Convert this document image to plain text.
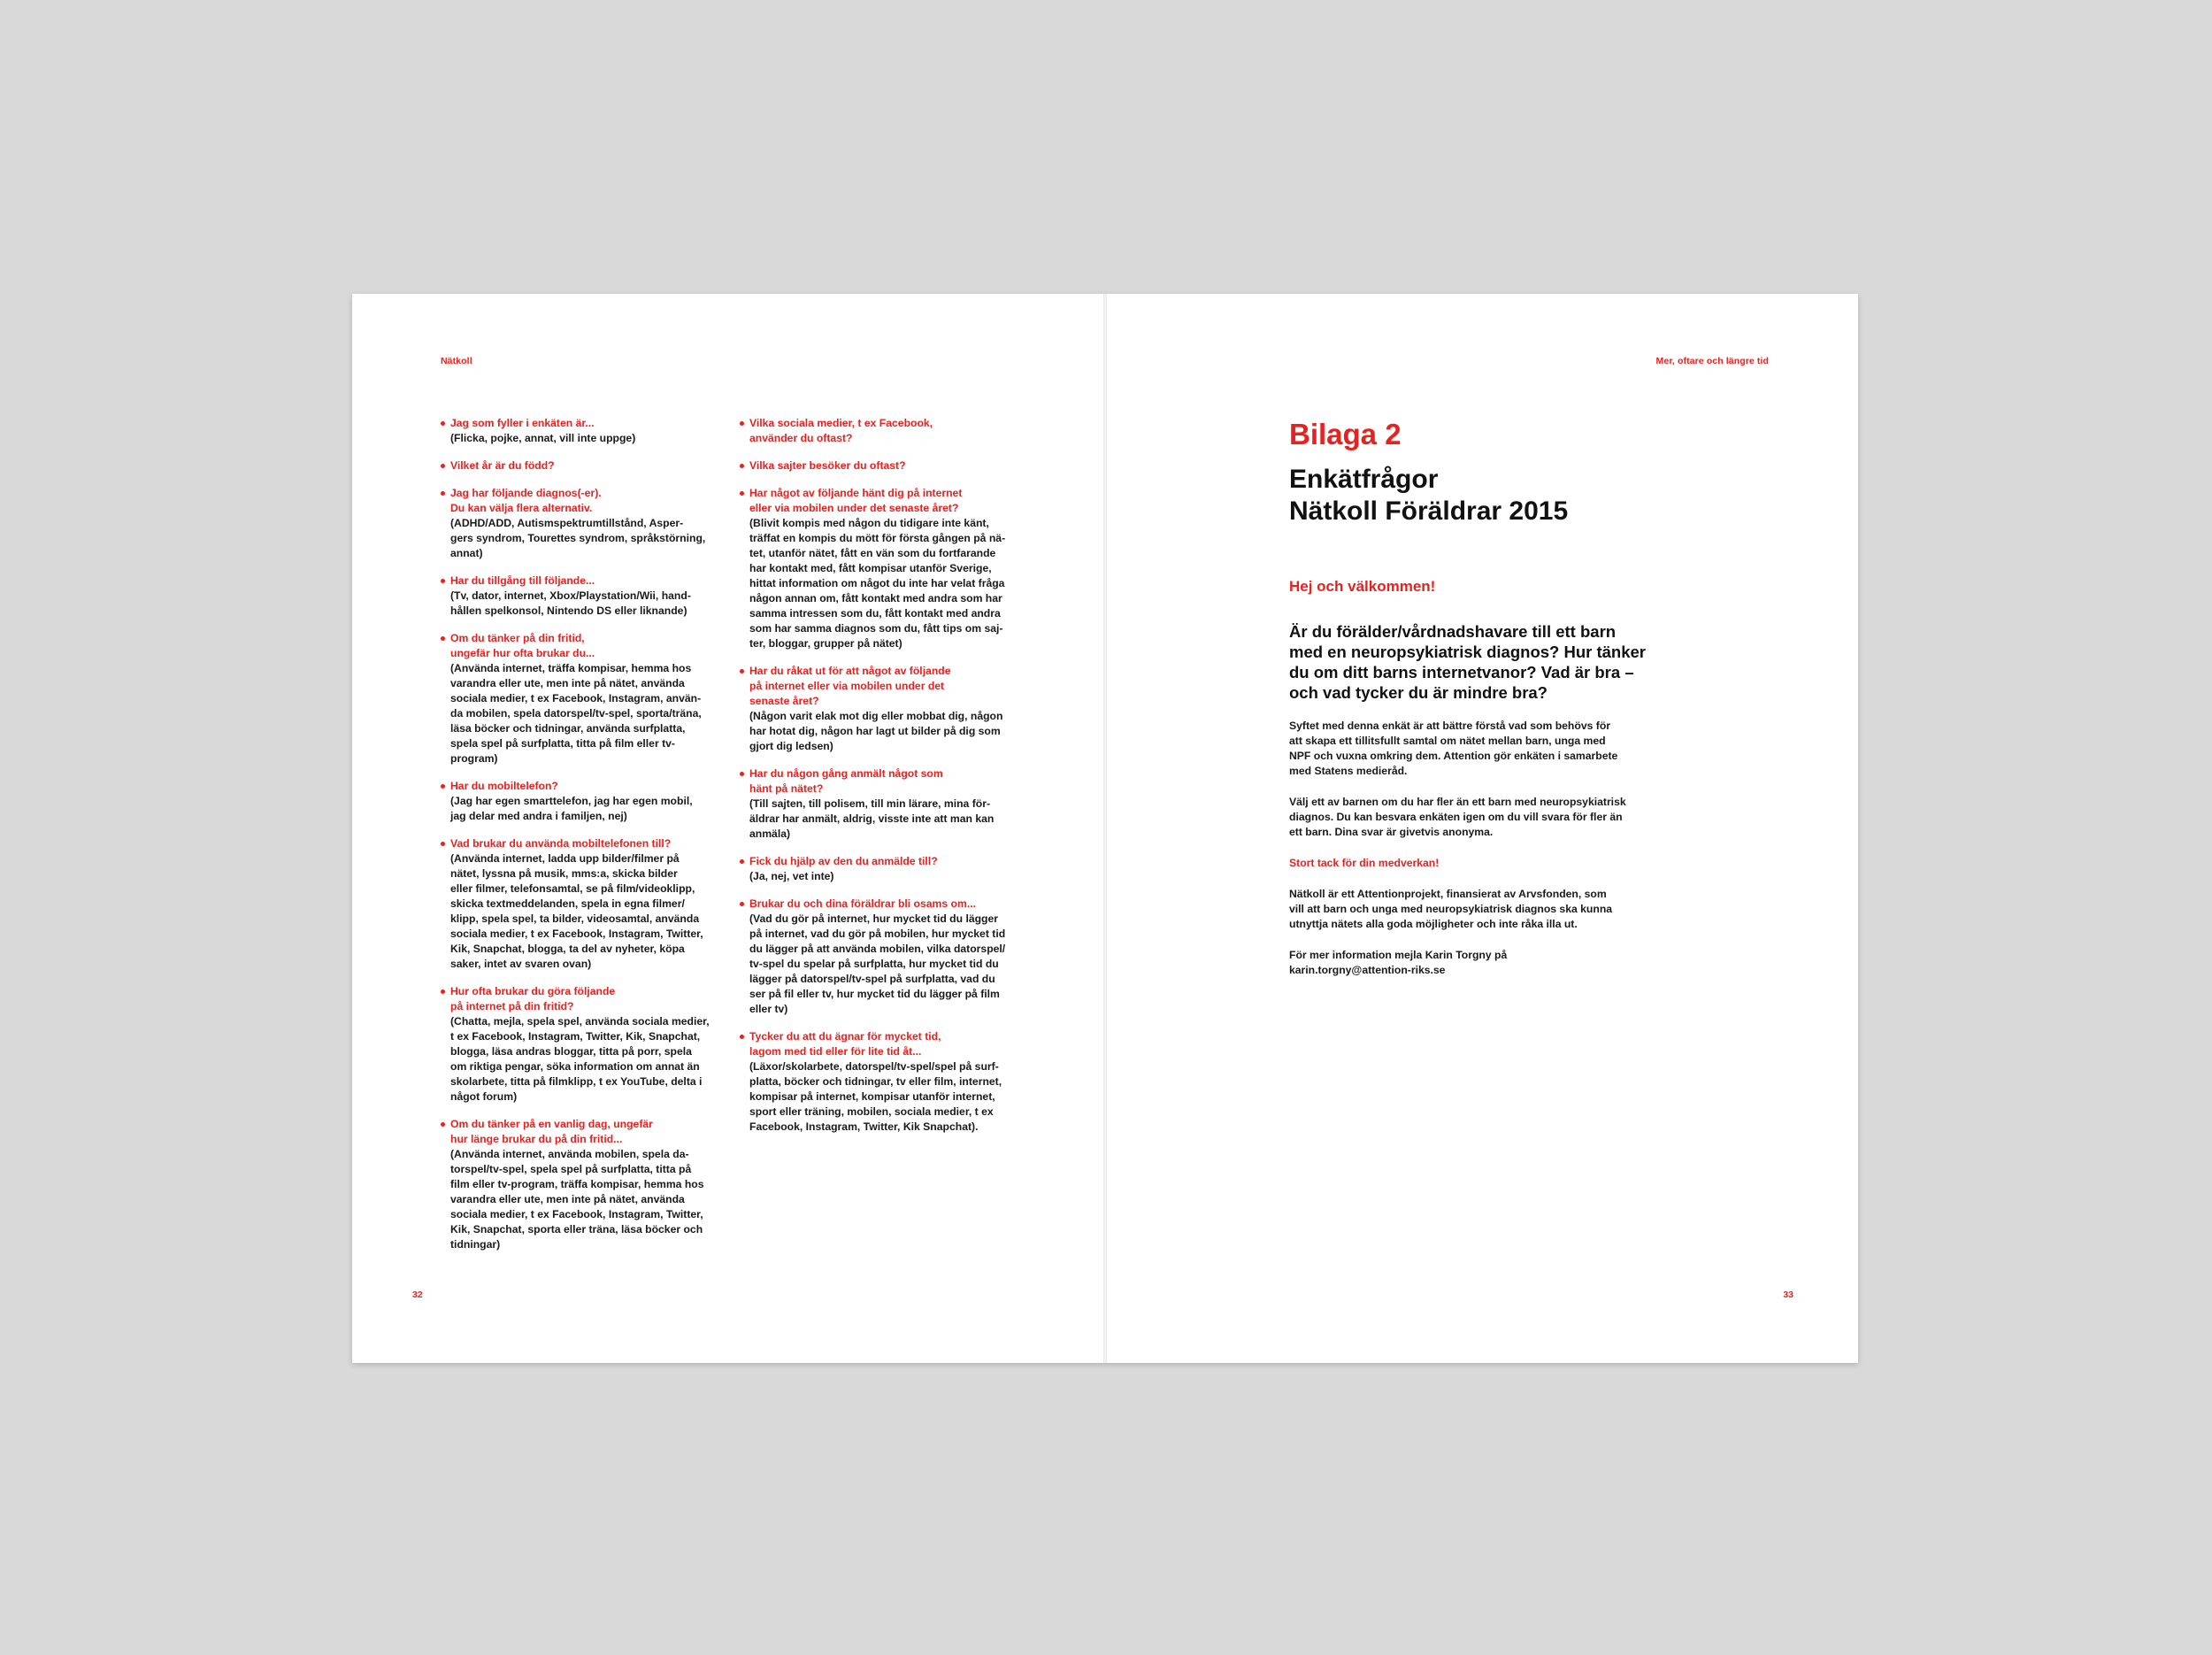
Nätkoll
Jag som fyller i enkäten är...
(Flicka, pojke, annat, vill inte uppge)
Vilket år är du född?
Jag har följande diagnos(-er).
Du kan välja flera alternativ.
(ADHD/ADD, Autismspektrumtillstånd, Asper-
gers syndrom, Tourettes syndrom, språkstörning,
annat)
Har du tillgång till följande...
(Tv, dator, internet, Xbox/Playstation/Wii, hand-
hållen spelkonsol, Nintendo DS eller liknande)
Om du tänker på din fritid,
ungefär hur ofta brukar du...
(Använda internet, träffa kompisar, hemma hos
varandra eller ute, men inte på nätet, använda
sociala medier, t ex Facebook, Instagram, använ-
da mobilen, spela datorspel/tv-spel, sporta/träna,
läsa böcker och tidningar, använda surfplatta,
spela spel på surfplatta, titta på film eller tv-
program)
Har du mobiltelefon?
(Jag har egen smarttelefon, jag har egen mobil,
jag delar med andra i familjen, nej)
Vad brukar du använda mobiltelefonen till?
(Använda internet, ladda upp bilder/filmer på
nätet, lyssna på musik, mms:a, skicka bilder
eller filmer, telefonsamtal, se på film/videoklipp,
skicka textmeddelanden, spela in egna filmer/
klipp, spela spel, ta bilder, videosamtal, använda
sociala medier, t ex Facebook, Instagram, Twitter,
Kik, Snapchat, blogga, ta del av nyheter, köpa
saker, intet av svaren ovan)
Hur ofta brukar du göra följande
på internet på din fritid?
(Chatta, mejla, spela spel, använda sociala medier,
t ex Facebook, Instagram, Twitter, Kik, Snapchat,
blogga, läsa andras bloggar, titta på porr, spela
om riktiga pengar, söka information om annat än
skolarbete, titta på filmklipp, t ex YouTube, delta i
något forum)
Om du tänker på en vanlig dag, ungefär
hur länge brukar du på din fritid...
(Använda internet, använda mobilen, spela da-
torspel/tv-spel, spela spel på surfplatta, titta på
film eller tv-program, träffa kompisar, hemma hos
varandra eller ute, men inte på nätet, använda
sociala medier, t ex Facebook, Instagram, Twitter,
Kik, Snapchat, sporta eller träna, läsa böcker och
tidningar)
Vilka sociala medier, t ex Facebook,
använder du oftast?
Vilka sajter besöker du oftast?
Har något av följande hänt dig på internet
eller via mobilen under det senaste året?
(Blivit kompis med någon du tidigare inte känt,
träffat en kompis du mött för första gången på nä-
tet, utanför nätet, fått en vän som du fortfarande
har kontakt med, fått kompisar utanför Sverige,
hittat information om något du inte har velat fråga
någon annan om, fått kontakt med andra som har
samma intressen som du, fått kontakt med andra
som har samma diagnos som du, fått tips om saj-
ter, bloggar, grupper på nätet)
Har du råkat ut för att något av följande
på internet eller via mobilen under det
senaste året?
(Någon varit elak mot dig eller mobbat dig, någon
har hotat dig, någon har lagt ut bilder på dig som
gjort dig ledsen)
Har du någon gång anmält något som
hänt på nätet?
(Till sajten, till polisem, till min lärare, mina för-
äldrar har anmält, aldrig, visste inte att man kan
anmäla)
Fick du hjälp av den du anmälde till?
(Ja, nej, vet inte)
Brukar du och dina föräldrar bli osams om...
(Vad du gör på internet, hur mycket tid du lägger
på internet, vad du gör på mobilen, hur mycket tid
du lägger på att använda mobilen, vilka datorspel/
tv-spel du spelar på surfplatta, hur mycket tid du
lägger på datorspel/tv-spel på surfplatta, vad du
ser på fil eller tv, hur mycket tid du lägger på film
eller tv)
Tycker du att du ägnar för mycket tid,
lagom med tid eller för lite tid åt...
(Läxor/skolarbete, datorspel/tv-spel/spel på surf-
platta, böcker och tidningar, tv eller film, internet,
kompisar på internet, kompisar utanför internet,
sport eller träning, mobilen, sociala medier, t ex
Facebook, Instagram, Twitter, Kik Snapchat).
32
Mer, oftare och längre tid
Bilaga 2
Enkätfrågor
Nätkoll Föräldrar 2015
Hej och välkommen!
Är du förälder/vårdnadshavare till ett barn
med en neuropsykiatrisk diagnos? Hur tänker
du om ditt barns internetvanor? Vad är bra –
och vad tycker du är mindre bra?
Syftet med denna enkät är att bättre förstå vad som behövs för
att skapa ett tillitsfullt samtal om nätet mellan barn, unga med
NPF och vuxna omkring dem. Attention gör enkäten i samarbete
med Statens medieråd.
Välj ett av barnen om du har fler än ett barn med neuropsykiatrisk
diagnos. Du kan besvara enkäten igen om du vill svara för fler än
ett barn. Dina svar är givetvis anonyma.
Stort tack för din medverkan!
Nätkoll är ett Attentionprojekt, finansierat av Arvsfonden, som
vill att barn och unga med neuropsykiatrisk diagnos ska kunna
utnyttja nätets alla goda möjligheter och inte råka illa ut.
För mer information mejla Karin Torgny på
karin.torgny@attention-riks.se
33
